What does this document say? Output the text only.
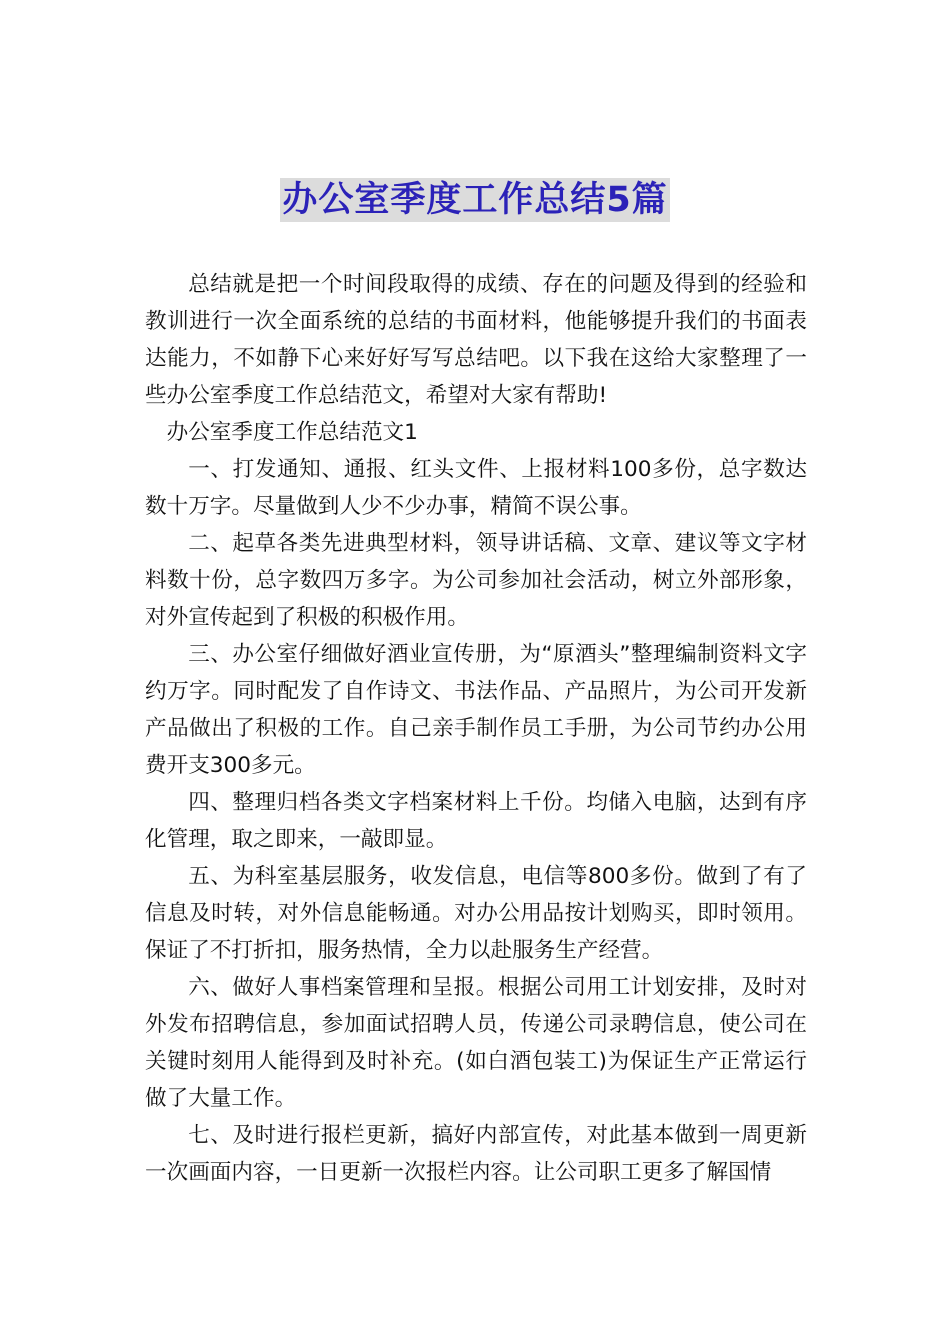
办公室季度工作总结5篇

总结就是把一个时间段取得的成绩、存在的问题及得到的经验和教训进行一次全面系统的总结的书面材料，他能够提升我们的书面表达能力，不如静下心来好好写写总结吧。以下我在这给大家整理了一些办公室季度工作总结范文，希望对大家有帮助!

办公室季度工作总结范文1

一、打发通知、通报、红头文件、上报材料100多份，总字数达数十万字。尽量做到人少不少办事，精简不误公事。

二、起草各类先进典型材料，领导讲话稿、文章、建议等文字材料数十份，总字数四万多字。为公司参加社会活动，树立外部形象，对外宣传起到了积极的积极作用。

三、办公室仔细做好酒业宣传册，为“原酒头”整理编制资料文字约万字。同时配发了自作诗文、书法作品、产品照片，为公司开发新产品做出了积极的工作。自己亲手制作员工手册，为公司节约办公用费开支300多元。

四、整理归档各类文字档案材料上千份。均储入电脑，达到有序化管理，取之即来，一敲即显。

五、为科室基层服务，收发信息，电信等800多份。做到了有了信息及时转，对外信息能畅通。对办公用品按计划购买，即时领用。保证了不打折扣，服务热情，全力以赴服务生产经营。

六、做好人事档案管理和呈报。根据公司用工计划安排，及时对外发布招聘信息，参加面试招聘人员，传递公司录聘信息，使公司在关键时刻用人能得到及时补充。(如白酒包装工)为保证生产正常运行做了大量工作。

七、及时进行报栏更新，搞好内部宣传，对此基本做到一周更新一次画面内容，一日更新一次报栏内容。让公司职工更多了解国情
